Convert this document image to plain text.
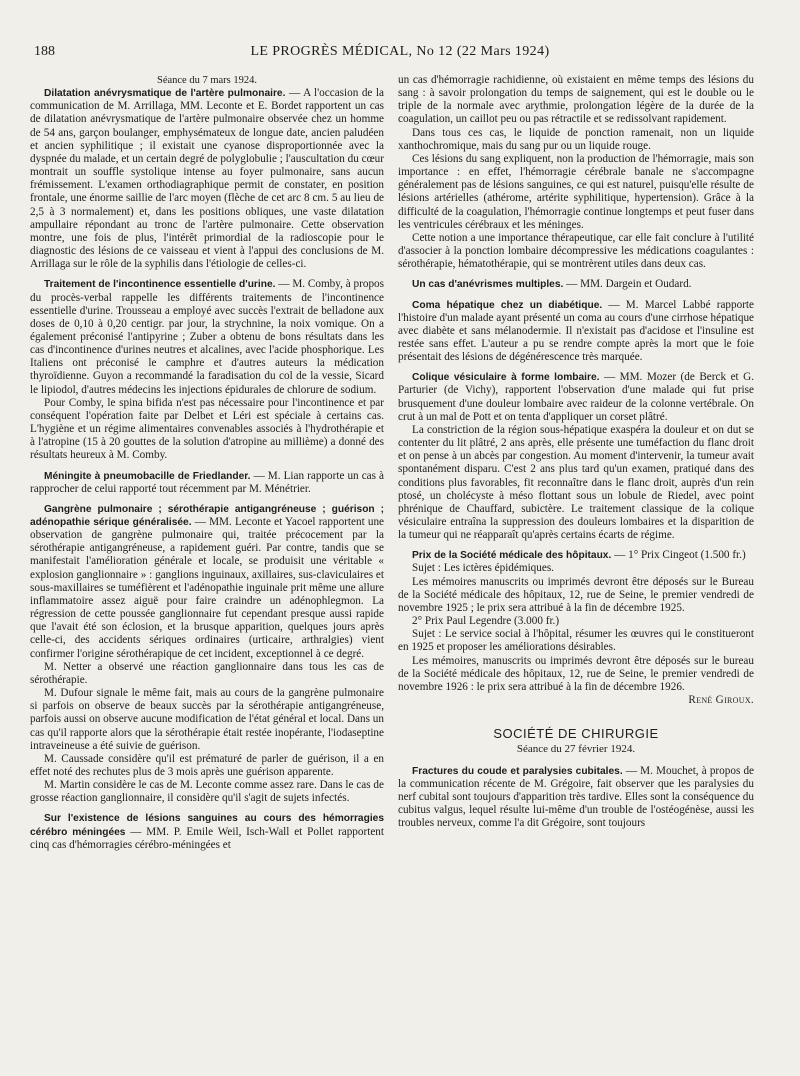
188	LE PROGRÈS MÉDICAL, No 12 (22 Mars 1924)

Séance du 7 mars 1924.

Dilatation anévrysmatique de l'artère pulmonaire. — A l'occasion de la communication de M. Arrillaga, MM. Leconte et E. Bordet rapportent un cas de dilatation anévrysmatique de l'artère pulmonaire observée chez un homme de 54 ans, garçon boulanger, emphysémateux de longue date, ancien paludéen et ancien syphilitique ; il existait une cyanose disproportionnée avec la dyspnée du malade, et un certain degré de polyglobulie ; l'auscultation du cœur montrait un souffle systolique intense au foyer pulmonaire, sans aucun frémissement. L'examen orthodiagraphique permit de constater, en position frontale, une énorme saillie de l'arc moyen (flèche de cet arc 8 cm. 5 au lieu de 2,5 à 3 normalement) et, dans les positions obliques, une vaste dilatation ampullaire répondant au tronc de l'artère pulmonaire. Cette observation montre, une fois de plus, l'intérêt primordial de la radioscopie pour le diagnostic des lésions de ce vaisseau et vient à l'appui des conclusions de M. Arrillaga sur le rôle de la syphilis dans l'étiologie de celles-ci.

Traitement de l'incontinence essentielle d'urine. — M. Comby, à propos du procès-verbal rappelle les différents traitements de l'incontinence essentielle d'urine. Trousseau a employé avec succès l'extrait de belladone aux doses de 0,10 à 0,20 centigr. par jour, la strychnine, la noix vomique. On a également préconisé l'antipyrine ; Zuber a obtenu de bons résultats dans les cas d'incontinence d'urines neutres et alcalines, avec l'acide phosphorique. Les Italiens ont préconisé le camphre et d'autres auteurs la médication thyroïdienne. Guyon a recommandé la faradisation du col de la vessie, Sicard le lipiodol, d'autres médecins les injections épidurales de chlorure de sodium.

Pour Comby, le spina bifida n'est pas nécessaire pour l'incontinence et par conséquent l'opération faite par Delbet et Léri est spéciale à certains cas. L'hygiène et un régime alimentaires convenables associés à l'hydrothérapie et à l'atropine (15 à 20 gouttes de la solution d'atropine au millième) a donné des résultats heureux à M. Comby.

Méningite à pneumobacille de Friedlander. — M. Lian rapporte un cas à rapprocher de celui rapporté tout récemment par M. Ménétrier.

Gangrène pulmonaire ; sérothérapie antigangréneuse ; guérison ; adénopathie sérique généralisée. — MM. Leconte et Yacoel rapportent une observation de gangrène pulmonaire qui, traitée précocement par la sérothérapie antigangréneuse, a rapidement guéri. Par contre, tandis que se manifestait l'amélioration générale et locale, se produisit une véritable « explosion ganglionnaire » : ganglions inguinaux, axillaires, sus-claviculaires et sous-maxillaires se tuméfièrent et l'adénopathie inguinale prit même une allure inflammatoire assez aiguë pour faire craindre un adénophlegmon. La régression de cette poussée ganglionnaire fut cependant presque aussi rapide que l'avait été son éclosion, et la brusque apparition, quelques jours après celle-ci, des accidents sériques ordinaires (urticaire, arthralgies) vient confirmer l'origine sérothérapique de cet incident, exceptionnel à ce degré.

M. Netter a observé une réaction ganglionnaire dans tous les cas de sérothérapie.

M. Dufour signale le même fait, mais au cours de la gangrène pulmonaire si parfois on observe de beaux succès par la sérothérapie antigangréneuse, parfois aussi on observe aucune modification de l'état général et local. Dans un cas qu'il rapporte alors que la sérothérapie était restée inopérante, l'iodaseptine intraveineuse a été suivie de guérison.

M. Caussade considère qu'il est prématuré de parler de guérison, il a en effet noté des rechutes plus de 3 mois après une guérison apparente.

M. Martin considère le cas de M. Leconte comme assez rare. Dans le cas de grosse réaction ganglionnaire, il considère qu'il s'agit de sujets infectés.

Sur l'existence de lésions sanguines au cours des hémorragies cérébro méningées — MM. P. Emile Weil, Isch-Wall et Pollet rapportent cinq cas d'hémorragies cérébro-méningées et

un cas d'hémorragie rachidienne, où existaient en même temps des lésions du sang : à savoir prolongation du temps de saignement, qui est le double ou le triple de la normale avec arythmie, prolongation légère de la durée de la coagulation, un caillot peu ou pas rétractile et se redissolvant rapidement.

Dans tous ces cas, le liquide de ponction ramenait, non un liquide xanthochromique, mais du sang pur ou un liquide rouge.

Ces lésions du sang expliquent, non la production de l'hémorragie, mais son importance : en effet, l'hémorragie cérébrale banale ne s'accompagne généralement pas de lésions sanguines, ce qui est naturel, puisqu'elle résulte de lésions artérielles (athérome, artérite syphilitique, hypertension). Grâce à la difficulté de la coagulation, l'hémorragie continue longtemps et peut fuser dans les ventricules cérébraux et les méninges.

Cette notion a une importance thérapeutique, car elle fait conclure à l'utilité d'associer à la ponction lombaire décompressive les médications coagulantes : sérothérapie, hématothérapie, qui se montrèrent utiles dans deux cas.

Un cas d'anévrismes multiples. — MM. Dargein et Oudard.

Coma hépatique chez un diabétique. — M. Marcel Labbé rapporte l'histoire d'un malade ayant présenté un coma au cours d'une cirrhose hépatique avec diabète et sans mélanodermie. Il n'existait pas d'acidose et l'insuline est restée sans effet. L'auteur a pu se rendre compte après la mort que le foie présentait des lésions de dégénérescence très marquée.

Colique vésiculaire à forme lombaire. — MM. Mozer (de Berck et G. Parturier (de Vichy), rapportent l'observation d'une malade qui fut prise brusquement d'une douleur lombaire avec raideur de la colonne vertébrale. On crut à un mal de Pott et on tenta d'appliquer un corset plâtré.

La constriction de la région sous-hépatique exaspéra la douleur et on dut se contenter du lit plâtré, 2 ans après, elle présente une tuméfaction du flanc droit et on pense à un abcès par congestion. Au moment d'intervenir, la tumeur avait spontanément disparu. C'est 2 ans plus tard qu'un examen, pratiqué dans des conditions plus favorables, fit reconnaître dans le flanc droit, auprès d'un rein ptosé, un cholécyste à méso flottant sous un lobule de Riedel, avec point phrénique de Chauffard, subictère. Le traitement classique de la colique vésiculaire entraîna la suppression des douleurs lombaires et la disparition de la tumeur qui ne réapparaît qu'après certains écarts de régime.

Prix de la Société médicale des hôpitaux. — 1° Prix Cingeot (1.500 fr.)

Sujet : Les ictères épidémiques.

Les mémoires manuscrits ou imprimés devront être déposés sur le Bureau de la Société médicale des hôpitaux, 12, rue de Seine, le premier vendredi de novembre 1925 ; le prix sera attribué à la fin de décembre 1925.

2° Prix Paul Legendre (3.000 fr.)

Sujet : Le service social à l'hôpital, résumer les œuvres qui le constitueront en 1925 et proposer les améliorations désirables.

Les mémoires, manuscrits ou imprimés devront être déposés sur le bureau de la Société médicale des hôpitaux, 12, rue de Seine, le premier vendredi de novembre 1926 : le prix sera attribué à la fin de décembre 1926.

René Giroux.

SOCIÉTÉ DE CHIRURGIE
Séance du 27 février 1924.

Fractures du coude et paralysies cubitales. — M. Mouchet, à propos de la communication récente de M. Grégoire, fait observer que les paralysies du nerf cubital sont toujours d'apparition très tardive. Elles sont la conséquence du cubitus valgus, lequel résulte lui-même d'un trouble de l'ostéogénèse, aussi les troubles nerveux, comme l'a dit Grégoire, sont toujours
